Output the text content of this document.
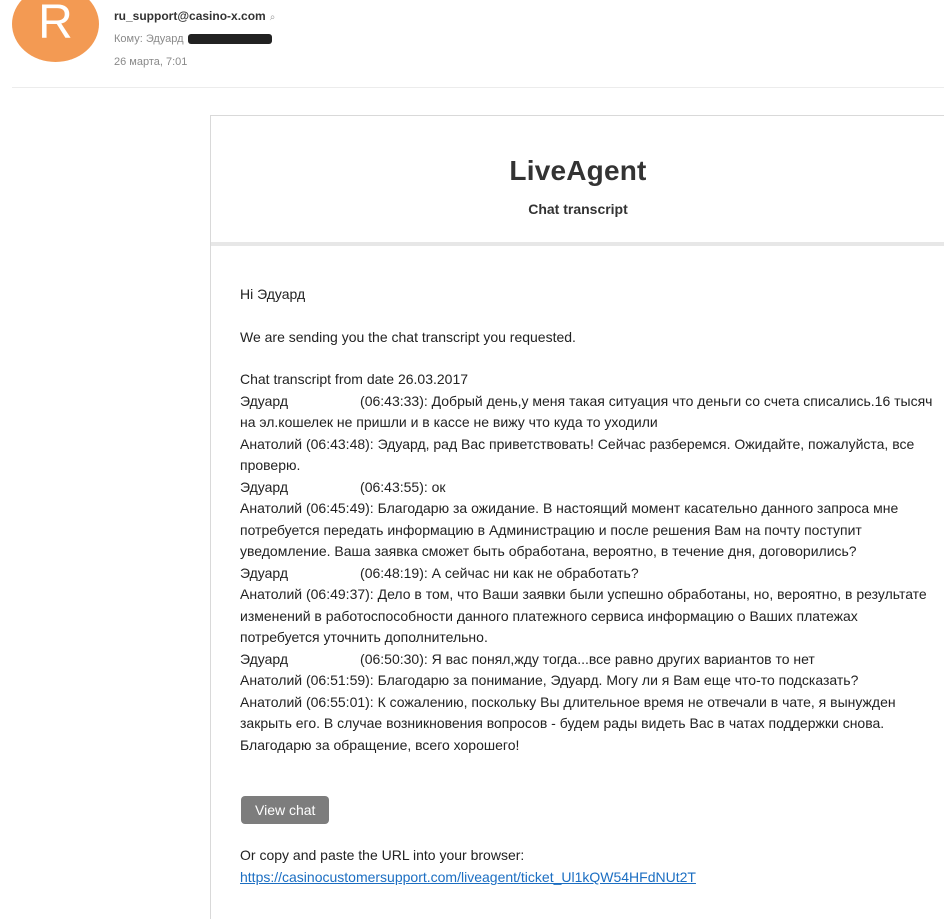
R	ru_support@casino-x.com ⌕
Кому: Эдуард
26 марта, 7:01
LiveAgent
Chat transcript
Hi Эдуард
We are sending you the chat transcript you requested.
Chat transcript from date 26.03.2017
Эдуард	(06:43:33): Добрый день,у меня такая ситуация что деньги со счета списались.16 тысяч на эл.кошелек не пришли и в кассе не вижу что куда то уходили
Анатолий (06:43:48): Эдуард, рад Вас приветствовать! Сейчас разберемся. Ожидайте, пожалуйста, все проверю.
Эдуард	(06:43:55): ок
Анатолий (06:45:49): Благодарю за ожидание. В настоящий момент касательно данного запроса мне потребуется передать информацию в Администрацию и после решения Вам на почту поступит уведомление. Ваша заявка сможет быть обработана, вероятно, в течение дня, договорились?
Эдуард	(06:48:19): А сейчас ни как не обработать?
Анатолий (06:49:37): Дело в том, что Ваши заявки были успешно обработаны, но, вероятно, в результате изменений в работоспособности данного платежного сервиса информацию о Ваших платежах потребуется уточнить дополнительно.
Эдуард	(06:50:30): Я вас понял,жду тогда...все равно других вариантов то нет
Анатолий (06:51:59): Благодарю за понимание, Эдуард. Могу ли я Вам еще что-то подсказать?
Анатолий (06:55:01): К сожалению, поскольку Вы длительное время не отвечали в чате, я вынужден закрыть его. В случае возникновения вопросов - будем рады видеть Вас в чатах поддержки снова. Благодарю за обращение, всего хорошего!
View chat
Or copy and paste the URL into your browser:
https://casinocustomersupport.com/liveagent/ticket_Ul1kQW54HFdNUt2T
